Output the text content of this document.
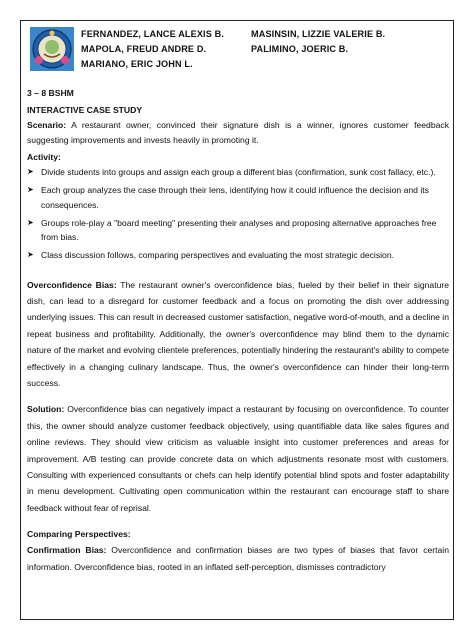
FERNANDEZ, LANCE ALEXIS B.
MAPOLA, FREUD ANDRE D.
MARIANO, ERIC JOHN L.
MASINSIN, LIZZIE VALERIE B.
PALIMINO, JOERIC B.
3 – 8 BSHM
INTERACTIVE CASE STUDY
Scenario: A restaurant owner, convinced their signature dish is a winner, ignores customer feedback suggesting improvements and invests heavily in promoting it.
Activity:
➤ Divide students into groups and assign each group a different bias (confirmation, sunk cost fallacy, etc.).
➤ Each group analyzes the case through their lens, identifying how it could influence the decision and its consequences.
➤ Groups role-play a "board meeting" presenting their analyses and proposing alternative approaches free from bias.
➤ Class discussion follows, comparing perspectives and evaluating the most strategic decision.
Overconfidence Bias: The restaurant owner's overconfidence bias, fueled by their belief in their signature dish, can lead to a disregard for customer feedback and a focus on promoting the dish over addressing underlying issues. This can result in decreased customer satisfaction, negative word-of-mouth, and a decline in repeat business and profitability. Additionally, the owner's overconfidence may blind them to the dynamic nature of the market and evolving clientele preferences, potentially hindering the restaurant's ability to compete effectively in a changing culinary landscape. Thus, the owner's overconfidence can hinder their long-term success.
Solution: Overconfidence bias can negatively impact a restaurant by focusing on overconfidence. To counter this, the owner should analyze customer feedback objectively, using quantifiable data like sales figures and online reviews. They should view criticism as valuable insight into customer preferences and areas for improvement. A/B testing can provide concrete data on which adjustments resonate most with customers. Consulting with experienced consultants or chefs can help identify potential blind spots and foster adaptability in menu development. Cultivating open communication within the restaurant can encourage staff to share feedback without fear of reprisal.
Comparing Perspectives:
Confirmation Bias: Overconfidence and confirmation biases are two types of biases that favor certain information. Overconfidence bias, rooted in an inflated self-perception, dismisses contradictory
